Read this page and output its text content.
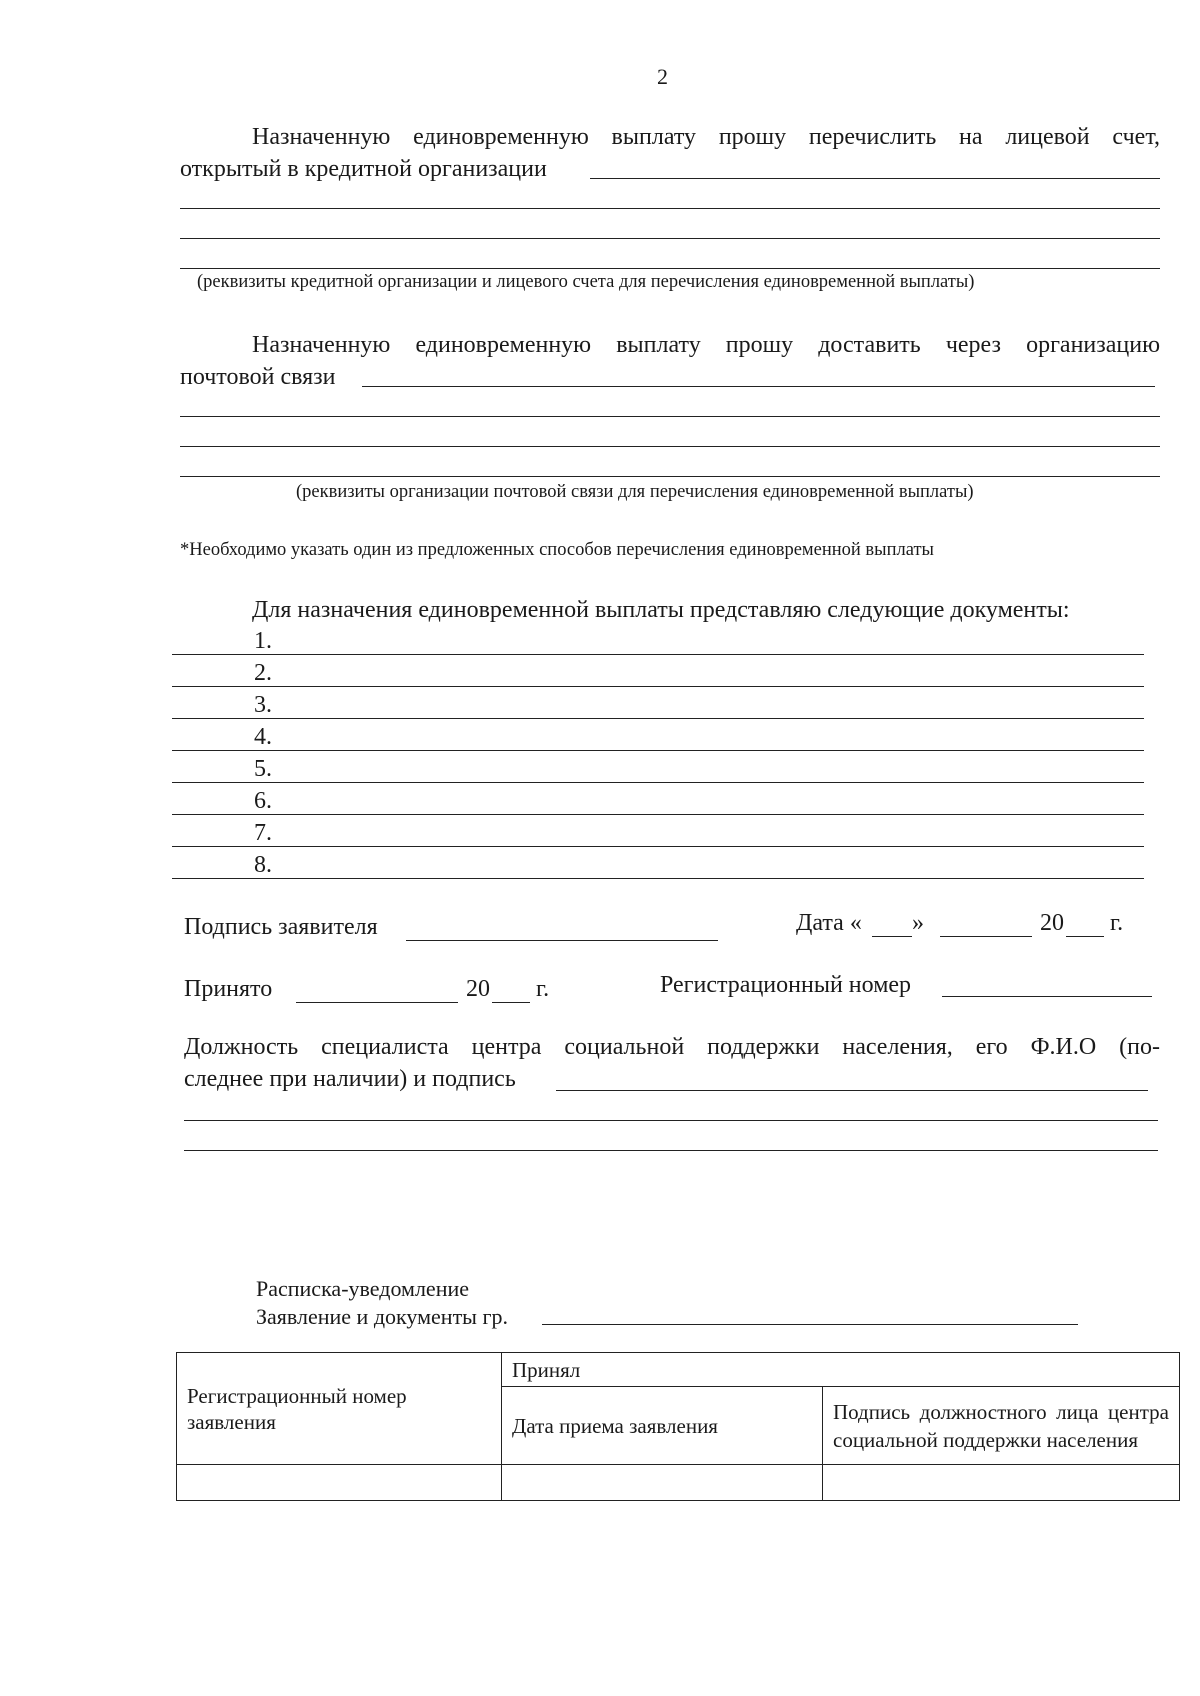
2
Назначенную единовременную выплату прошу перечислить на лицевой счет,
открытый в кредитной организации
(реквизиты кредитной организации и лицевого счета для перечисления единовременной выплаты)
Назначенную единовременную выплату прошу доставить через организацию
почтовой связи
(реквизиты организации почтовой связи для перечисления единовременной выплаты)
*Необходимо указать один из предложенных способов перечисления единовременной выплаты
Для назначения единовременной выплаты представляю следующие документы:
1.
2.
3.
4.
5.
6.
7.
8.
Подпись заявителя	Дата « »	20 г.
Принято	20 г.	Регистрационный номер
Должность специалиста центра социальной поддержки населения, его Ф.И.О (по-
следнее при наличии) и подпись
Расписка-уведомление
Заявление и документы гр.
Регистрационный номер заявления	Принял	
	Дата приема заявления	Подпись должностного лица центра социальной поддержки населения
